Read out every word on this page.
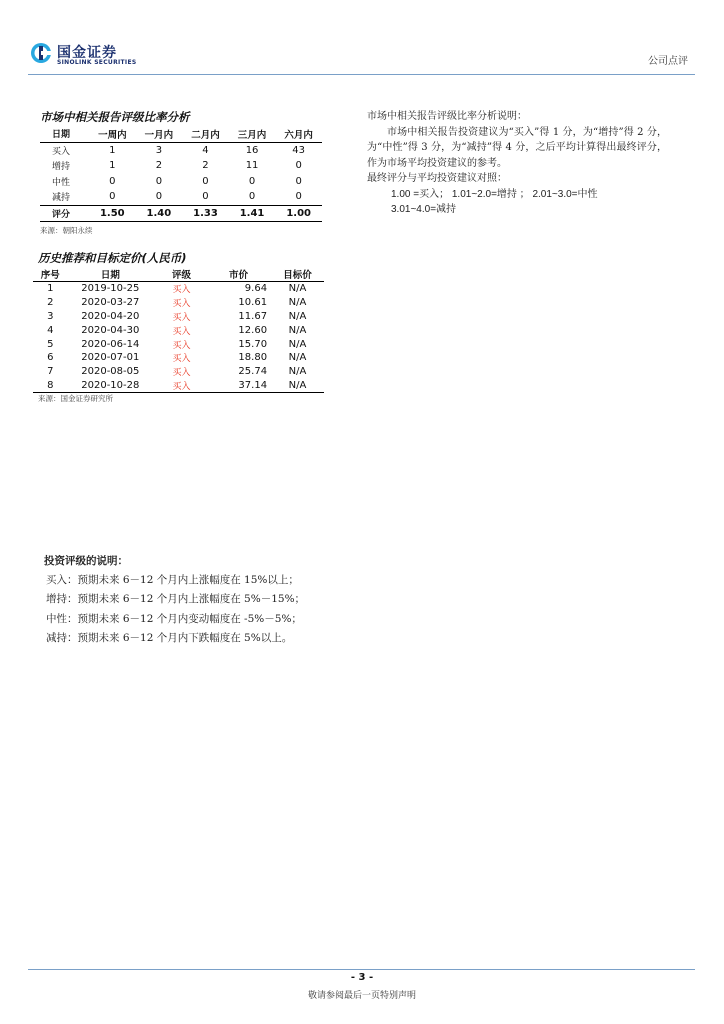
国金证券
SINOLINK SECURITIES	公司点评
市场中相关报告评级比率分析
日期	一周内	一月内	二月内	三月内	六月内
买入	1	3	4	16	43
增持	1	2	2	11	0
中性	0	0	0	0	0
减持	0	0	0	0	0
评分	1.50	1.40	1.33	1.41	1.00
来源：朝阳永续
历史推荐和目标定价(人民币)
序号	日期	评级	市价	目标价
1	2019-10-25	买入	9.64	N/A
2	2020-03-27	买入	10.61	N/A
3	2020-04-20	买入	11.67	N/A
4	2020-04-30	买入	12.60	N/A
5	2020-06-14	买入	15.70	N/A
6	2020-07-01	买入	18.80	N/A
7	2020-08-05	买入	25.74	N/A
8	2020-10-28	买入	37.14	N/A
来源：国金证券研究所

市场中相关报告评级比率分析说明：

市场中相关报告投资建议为“买入”得 1 分，为“增持”得 2 分，为“中性”得 3 分，为“减持”得 4 分，之后平均计算得出最终评分，作为市场平均投资建议的参考。

最终评分与平均投资建议对照：

1.00 =买入； 1.01~2.0=增持 ； 2.01~3.0=中性

3.01~4.0=减持

投资评级的说明：

买入：预期未来 6－12 个月内上涨幅度在 15%以上；

增持：预期未来 6－12 个月内上涨幅度在 5%－15%；

中性：预期未来 6－12 个月内变动幅度在 -5%－5%；

减持：预期未来 6－12 个月内下跌幅度在 5%以上。

- 3 -
敬请参阅最后一页特别声明
